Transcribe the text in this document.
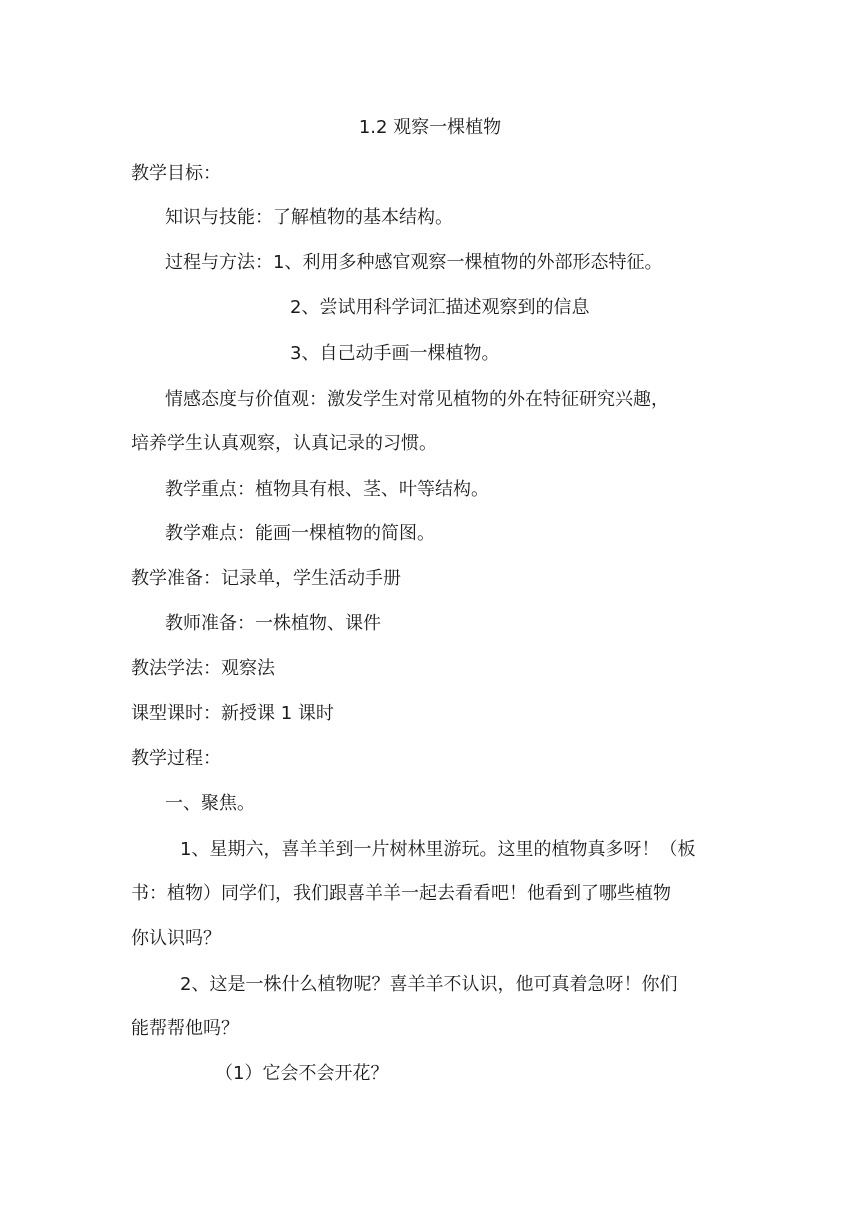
1.2 观察一棵植物
教学目标：
知识与技能：了解植物的基本结构。
过程与方法：1、利用多种感官观察一棵植物的外部形态特征。
2、尝试用科学词汇描述观察到的信息
3、自己动手画一棵植物。
情感态度与价值观：激发学生对常见植物的外在特征研究兴趣，
培养学生认真观察，认真记录的习惯。
教学重点：植物具有根、茎、叶等结构。
教学难点：能画一棵植物的简图。
教学准备：记录单，学生活动手册
教师准备：一株植物、课件
教法学法：观察法
课型课时：新授课 1 课时
教学过程：
一、聚焦。
1、星期六，喜羊羊到一片树林里游玩。这里的植物真多呀！（板
书：植物）同学们，我们跟喜羊羊一起去看看吧！他看到了哪些植物
你认识吗？
2、这是一株什么植物呢？喜羊羊不认识，他可真着急呀！你们
能帮帮他吗？
（1）它会不会开花？
